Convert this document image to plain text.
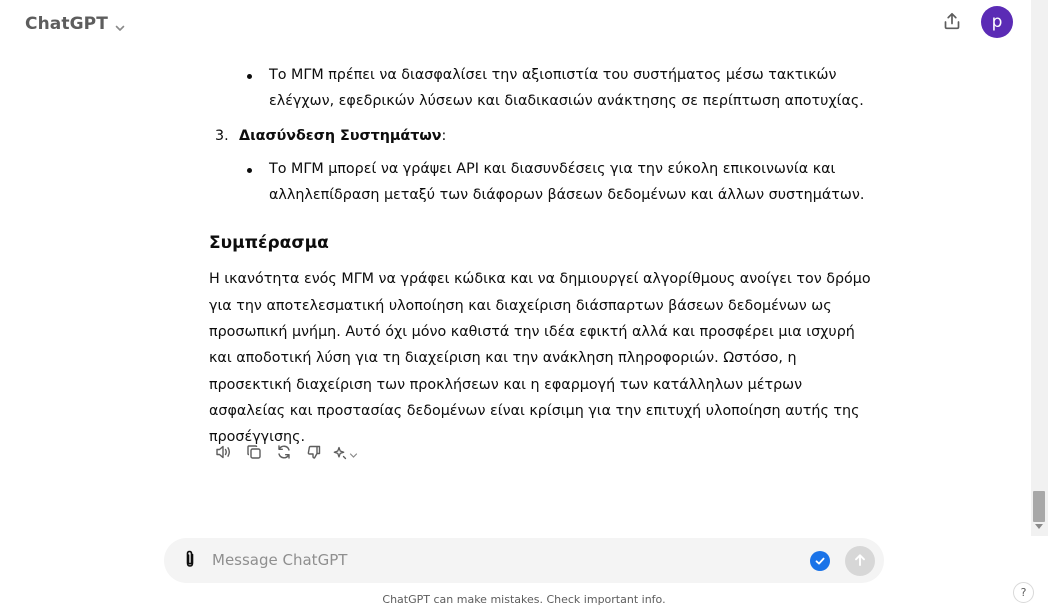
ChatGPT	p
Το ΜΓΜ πρέπει να διασφαλίσει την αξιοπιστία του συστήματος μέσω τακτικών ελέγχων, εφεδρικών λύσεων και διαδικασιών ανάκτησης σε περίπτωση αποτυχίας.
3. Διασύνδεση Συστημάτων:
Το ΜΓΜ μπορεί να γράψει API και διασυνδέσεις για την εύκολη επικοινωνία και αλληλεπίδραση μεταξύ των διάφορων βάσεων δεδομένων και άλλων συστημάτων.
Συμπέρασμα
Η ικανότητα ενός ΜΓΜ να γράφει κώδικα και να δημιουργεί αλγορίθμους ανοίγει τον δρόμο για την αποτελεσματική υλοποίηση και διαχείριση διάσπαρτων βάσεων δεδομένων ως προσωπική μνήμη. Αυτό όχι μόνο καθιστά την ιδέα εφικτή αλλά και προσφέρει μια ισχυρή και αποδοτική λύση για τη διαχείριση και την ανάκληση πληροφοριών. Ωστόσο, η προσεκτική διαχείριση των προκλήσεων και η εφαρμογή των κατάλληλων μέτρων ασφαλείας και προστασίας δεδομένων είναι κρίσιμη για την επιτυχή υλοποίηση αυτής της προσέγγισης.
Message ChatGPT
ChatGPT can make mistakes. Check important info.
?
